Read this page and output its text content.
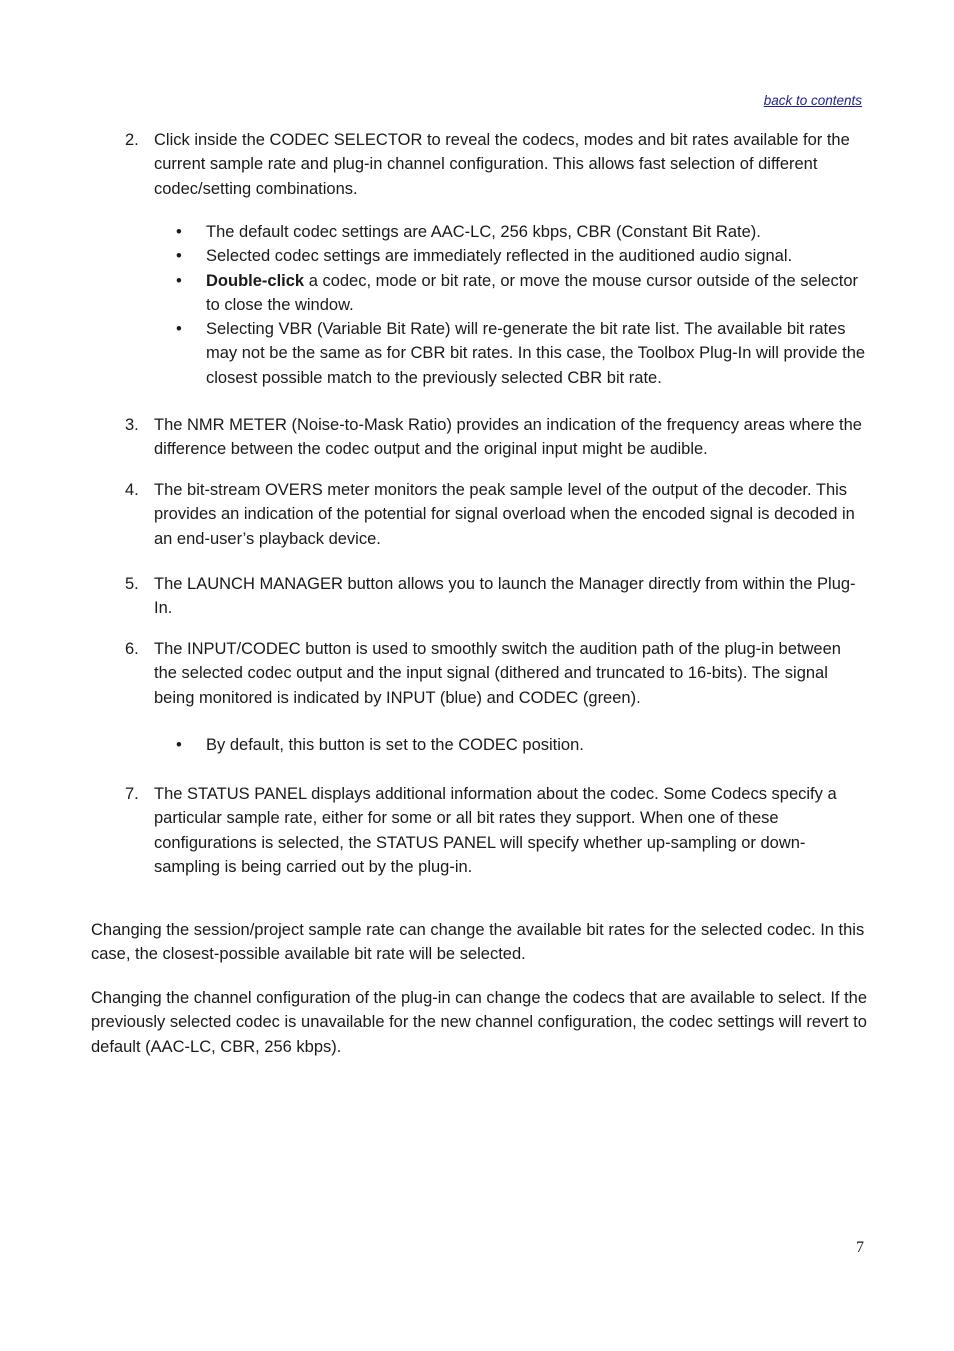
back to contents
2. Click inside the CODEC SELECTOR to reveal the codecs, modes and bit rates available for the current sample rate and plug-in channel configuration. This allows fast selection of different codec/setting combinations.
• The default codec settings are AAC-LC, 256 kbps, CBR (Constant Bit Rate).
• Selected codec settings are immediately reflected in the auditioned audio signal.
• Double-click a codec, mode or bit rate, or move the mouse cursor outside of the selector to close the window.
• Selecting VBR (Variable Bit Rate) will re-generate the bit rate list. The available bit rates may not be the same as for CBR bit rates. In this case, the Toolbox Plug-In will provide the closest possible match to the previously selected CBR bit rate.
3. The NMR METER (Noise-to-Mask Ratio) provides an indication of the frequency areas where the difference between the codec output and the original input might be audible.
4. The bit-stream OVERS meter monitors the peak sample level of the output of the decoder. This provides an indication of the potential for signal overload when the encoded signal is decoded in an end-user’s playback device.
5. The LAUNCH MANAGER button allows you to launch the Manager directly from within the Plug-In.
6. The INPUT/CODEC button is used to smoothly switch the audition path of the plug-in between the selected codec output and the input signal (dithered and truncated to 16-bits). The signal being monitored is indicated by INPUT (blue) and CODEC (green).
• By default, this button is set to the CODEC position.
7. The STATUS PANEL displays additional information about the codec. Some Codecs specify a particular sample rate, either for some or all bit rates they support. When one of these configurations is selected, the STATUS PANEL will specify whether up-sampling or down-sampling is being carried out by the plug-in.
Changing the session/project sample rate can change the available bit rates for the selected codec. In this case, the closest-possible available bit rate will be selected.
Changing the channel configuration of the plug-in can change the codecs that are available to select. If the previously selected codec is unavailable for the new channel configuration, the codec settings will revert to default (AAC-LC, CBR, 256 kbps).
7
